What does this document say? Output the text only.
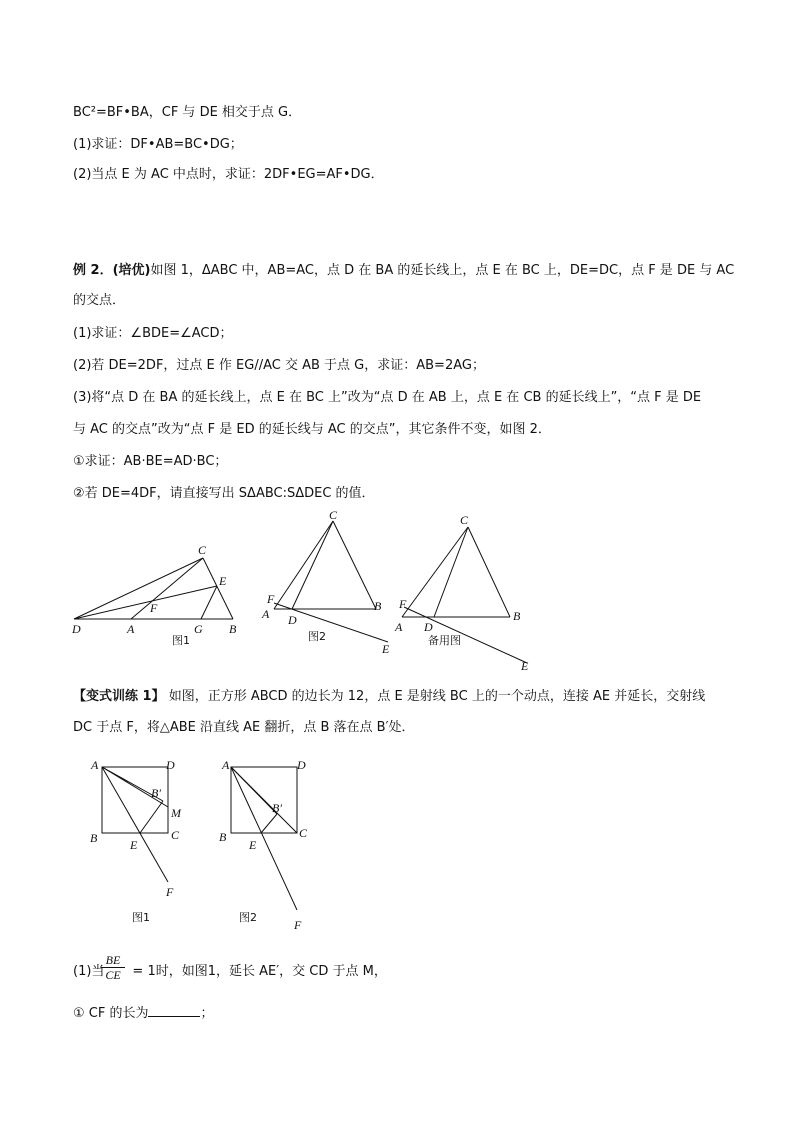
BC²=BF•BA，CF 与 DE 相交于点 G．
(1)求证：DF•AB=BC•DG；
(2)当点 E 为 AC 中点时，求证：2DF•EG=AF•DG．
例 2．(培优)如图 1，ΔABC 中，AB=AC，点 D 在 BA 的延长线上，点 E 在 BC 上，DE=DC，点 F 是 DE 与 AC
的交点．
(1)求证：∠BDE=∠ACD；
(2)若 DE=2DF，过点 E 作 EG//AC 交 AB 于点 G，求证：AB=2AG；
(3)将“点 D 在 BA 的延长线上，点 E 在 BC 上”改为“点 D 在 AB 上，点 E 在 CB 的延长线上”，“点 F 是 DE
与 AC 的交点”改为“点 F 是 ED 的延长线与 AC 的交点”，其它条件不变，如图 2．
①求证：AB·BE=AD·BC；
②若 DE=4DF，请直接写出 SΔABC:SΔDEC 的值．
C
E
F
D	A	G B
图1
C
F
A D
B
E
图2
C
F
A D
B
E
备用图
【变式训练 1】 如图，正方形 ABCD 的边长为 12，点 E 是射线 BC 上的一个动点，连接 AE 并延长，交射线
DC 于点 F，将△ABE 沿直线 AE 翻折，点 B 落在点 B′处．
A	D
B′
M
B	C
E
F
图1
A	D
B′
B	C
E
F
图2
(1)当 = 1时，如图1，延长 AE′，交 CD 于点 M，
$\frac{BE}{CE}$
① CF 的长为	；
